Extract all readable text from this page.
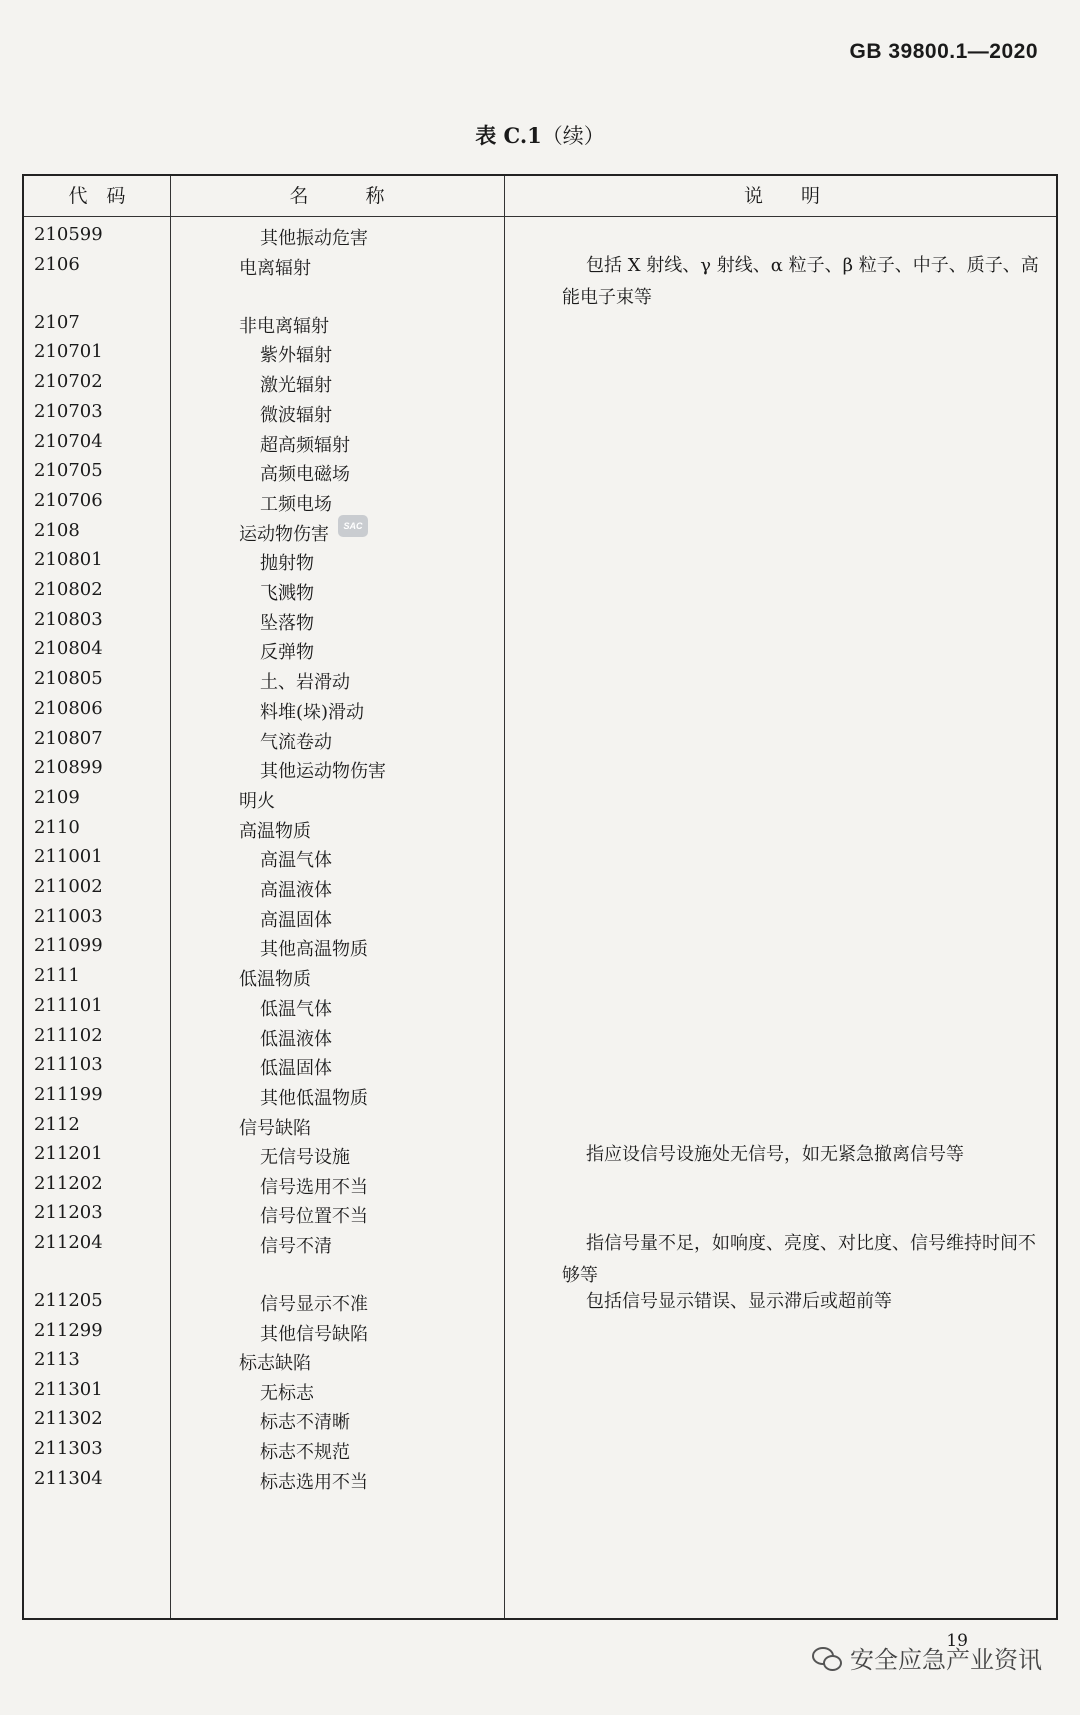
GB 39800.1—2020
表 C.1（续）
代　码	名　　　称	说　　明
210599	其他振动危害
2106	电离辐射	包括 X 射线、γ 射线、α 粒子、β 粒子、中子、质子、高能电子束等
2107	非电离辐射
210701	紫外辐射
210702	激光辐射
210703	微波辐射
210704	超高频辐射
210705	高频电磁场
210706	工频电场
2108	运动物伤害
210801	抛射物
210802	飞溅物
210803	坠落物
210804	反弹物
210805	土、岩滑动
210806	料堆(垛)滑动
210807	气流卷动
210899	其他运动物伤害
2109	明火
2110	高温物质
211001	高温气体
211002	高温液体
211003	高温固体
211099	其他高温物质
2111	低温物质
211101	低温气体
211102	低温液体
211103	低温固体
211199	其他低温物质
2112	信号缺陷
211201	无信号设施	指应设信号设施处无信号，如无紧急撤离信号等
211202	信号选用不当
211203	信号位置不当
211204	信号不清	指信号量不足，如响度、亮度、对比度、信号维持时间不够等
211205	信号显示不准	包括信号显示错误、显示滞后或超前等
211299	其他信号缺陷
2113	标志缺陷
211301	无标志
211302	标志不清晰
211303	标志不规范
211304	标志选用不当
SAC
19
安全应急产业资讯
